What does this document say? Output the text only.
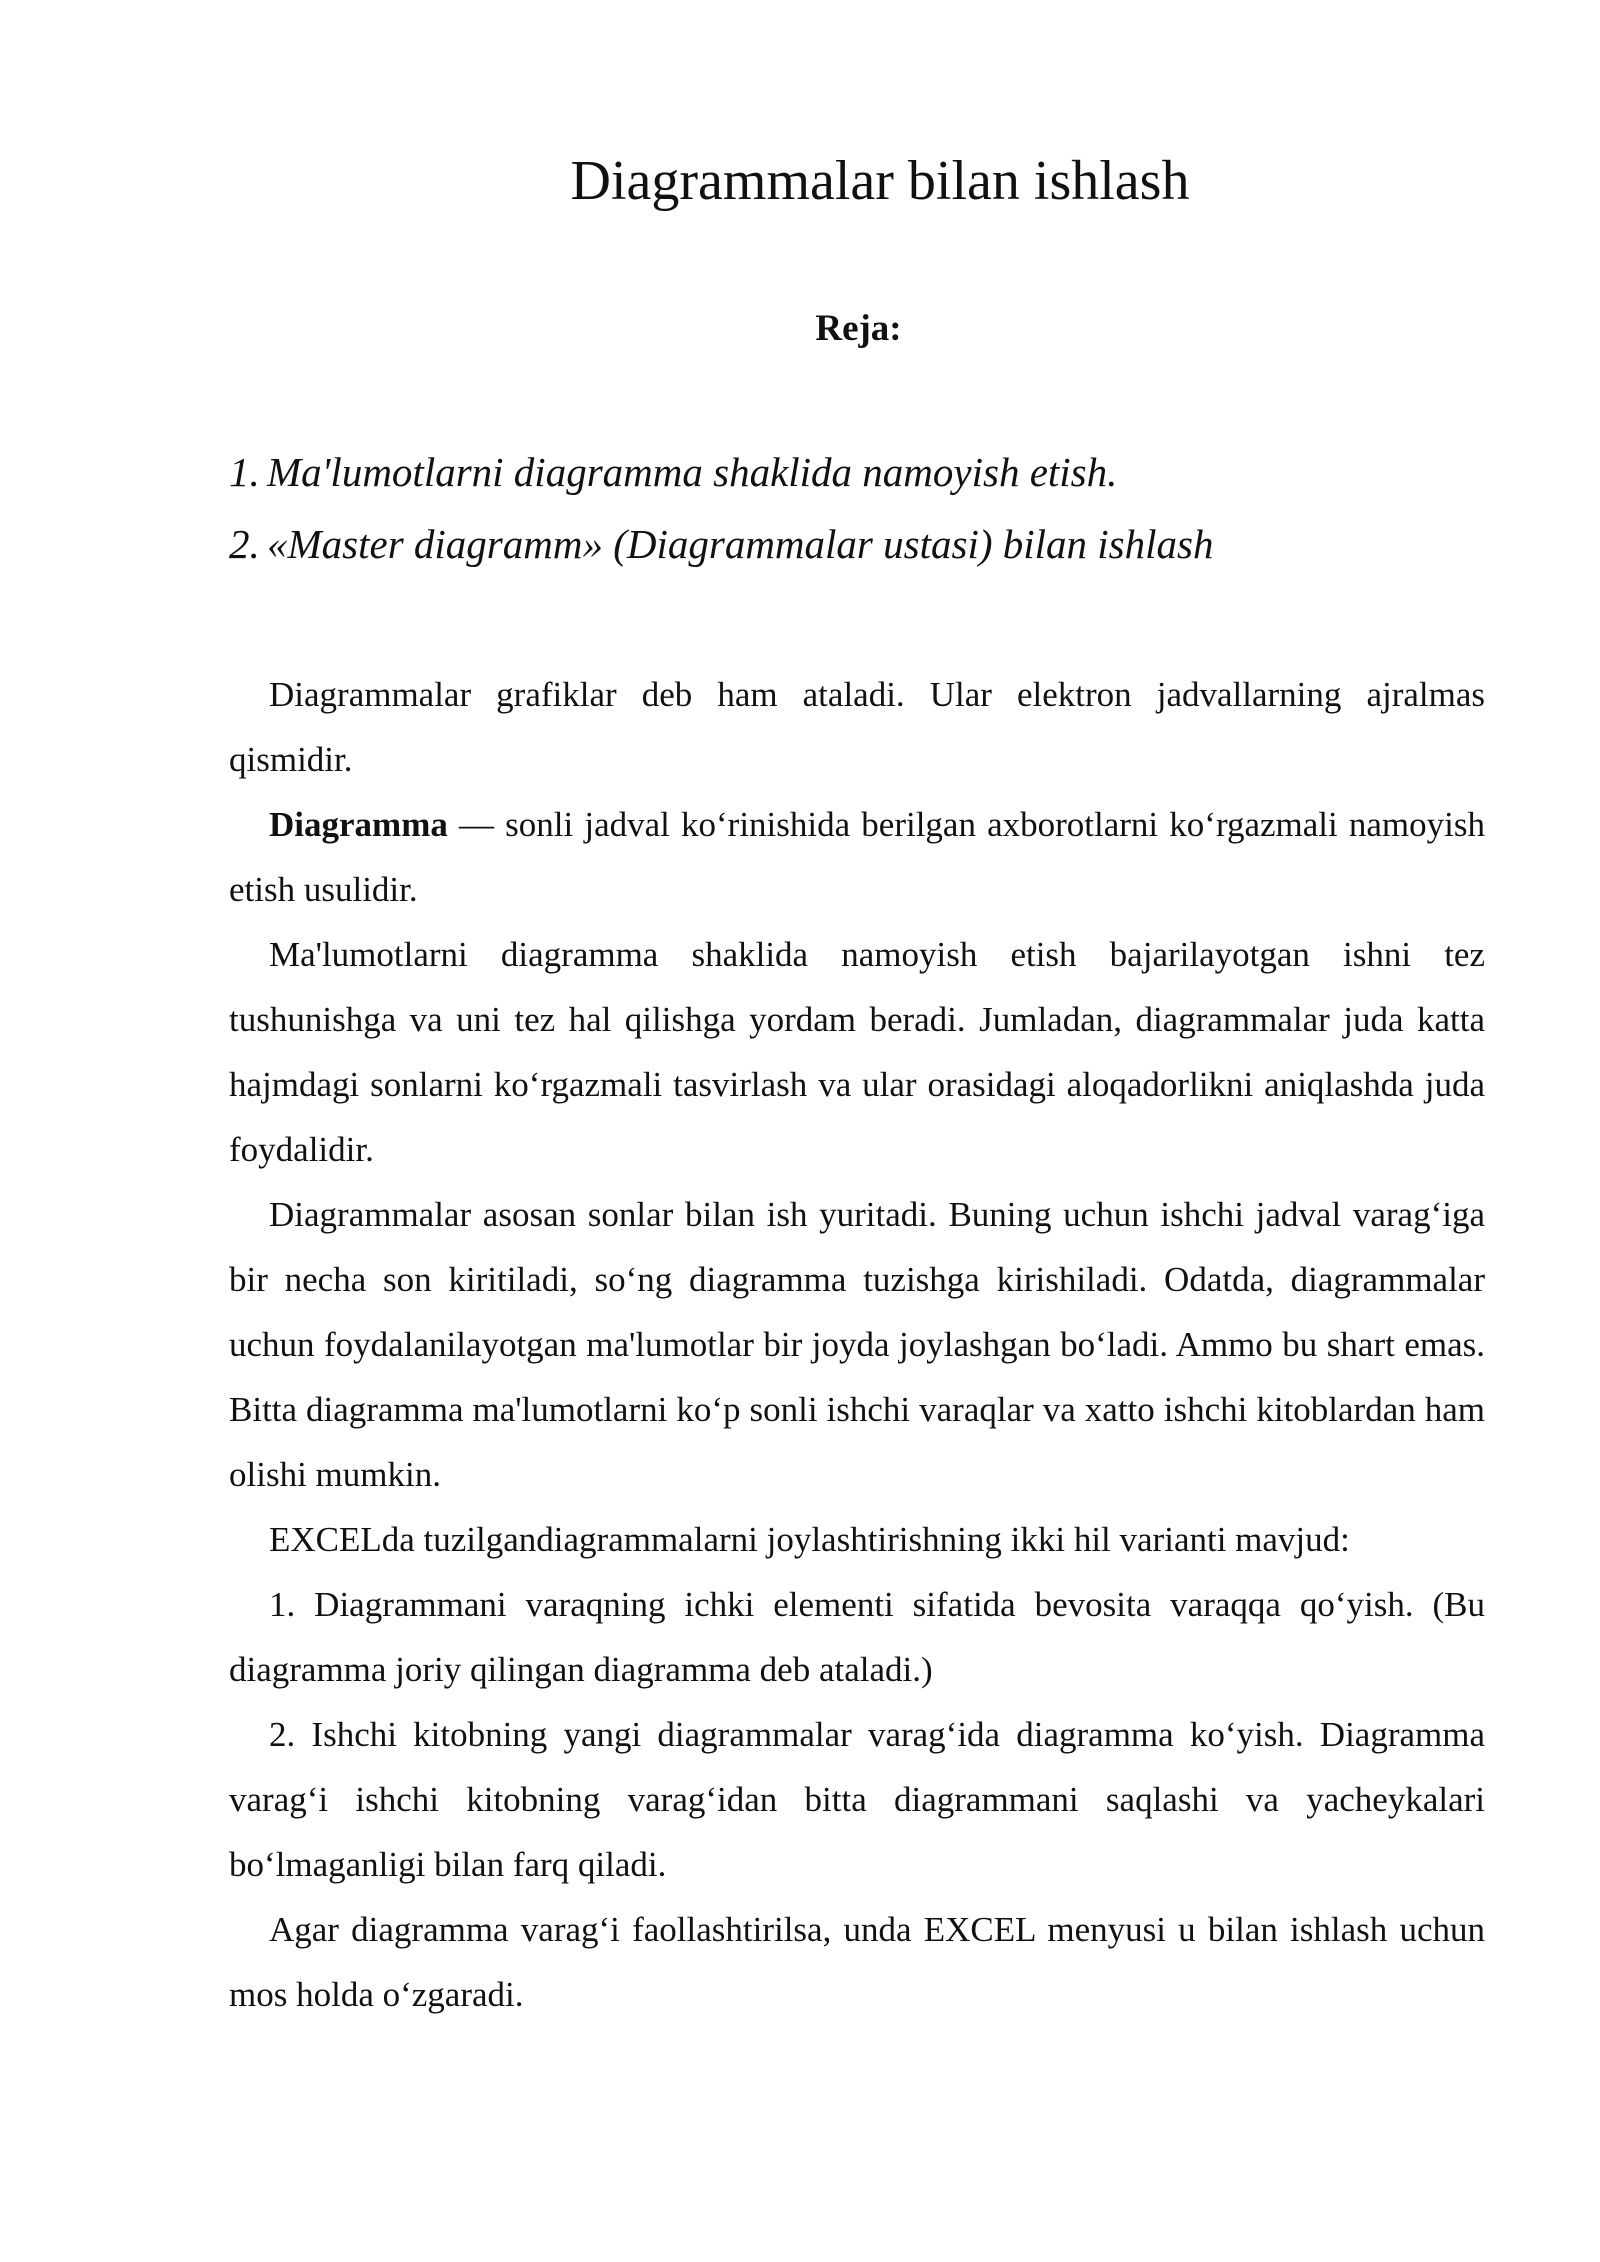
Diagrammalar bilan ishlash
Reja:
1. Ma'lumotlarni diagramma shaklida namoyish etish.
2. «Master diagramm» (Diagrammalar ustasi) bilan ishlash

Diagrammalar grafiklar deb ham ataladi. Ular elektron jadvallarning ajralmas qismidir.

Diagramma — sonli jadval ko‘rinishida berilgan axborotlarni ko‘rgazmali namoyish etish usulidir.

Ma'lumotlarni diagramma shaklida namoyish etish bajarilayotgan ishni tez tushunishga va uni tez hal qilishga yordam beradi. Jumladan, diagrammalar juda katta hajmdagi sonlarni ko‘rgazmali tasvirlash va ular orasidagi aloqadorlikni aniqlashda juda foydalidir.

Diagrammalar asosan sonlar bilan ish yuritadi. Buning uchun ishchi jadval varag‘iga bir necha son kiritiladi, so‘ng diagramma tuzishga kirishiladi. Odatda, diagrammalar uchun foydalanilayotgan ma'lumotlar bir joyda joylashgan bo‘ladi. Ammo bu shart emas. Bitta diagramma ma'lumotlarni ko‘p sonli ishchi varaqlar va xatto ishchi kitoblardan ham olishi mumkin.

EXCELda tuzilgandiagrammalarni joylashtirishning ikki hil varianti mavjud:

1. Diagrammani varaqning ichki elementi sifatida bevosita varaqqa qo‘yish. (Bu diagramma joriy qilingan diagramma deb ataladi.)

2. Ishchi kitobning yangi diagrammalar varag‘ida diagramma ko‘yish. Diagramma varag‘i ishchi kitobning varag‘idan bitta diagrammani saqlashi va yacheykalari bo‘lmaganligi bilan farq qiladi.

Agar diagramma varag‘i faollashtirilsa, unda EXCEL menyusi u bilan ishlash uchun mos holda o‘zgaradi.
